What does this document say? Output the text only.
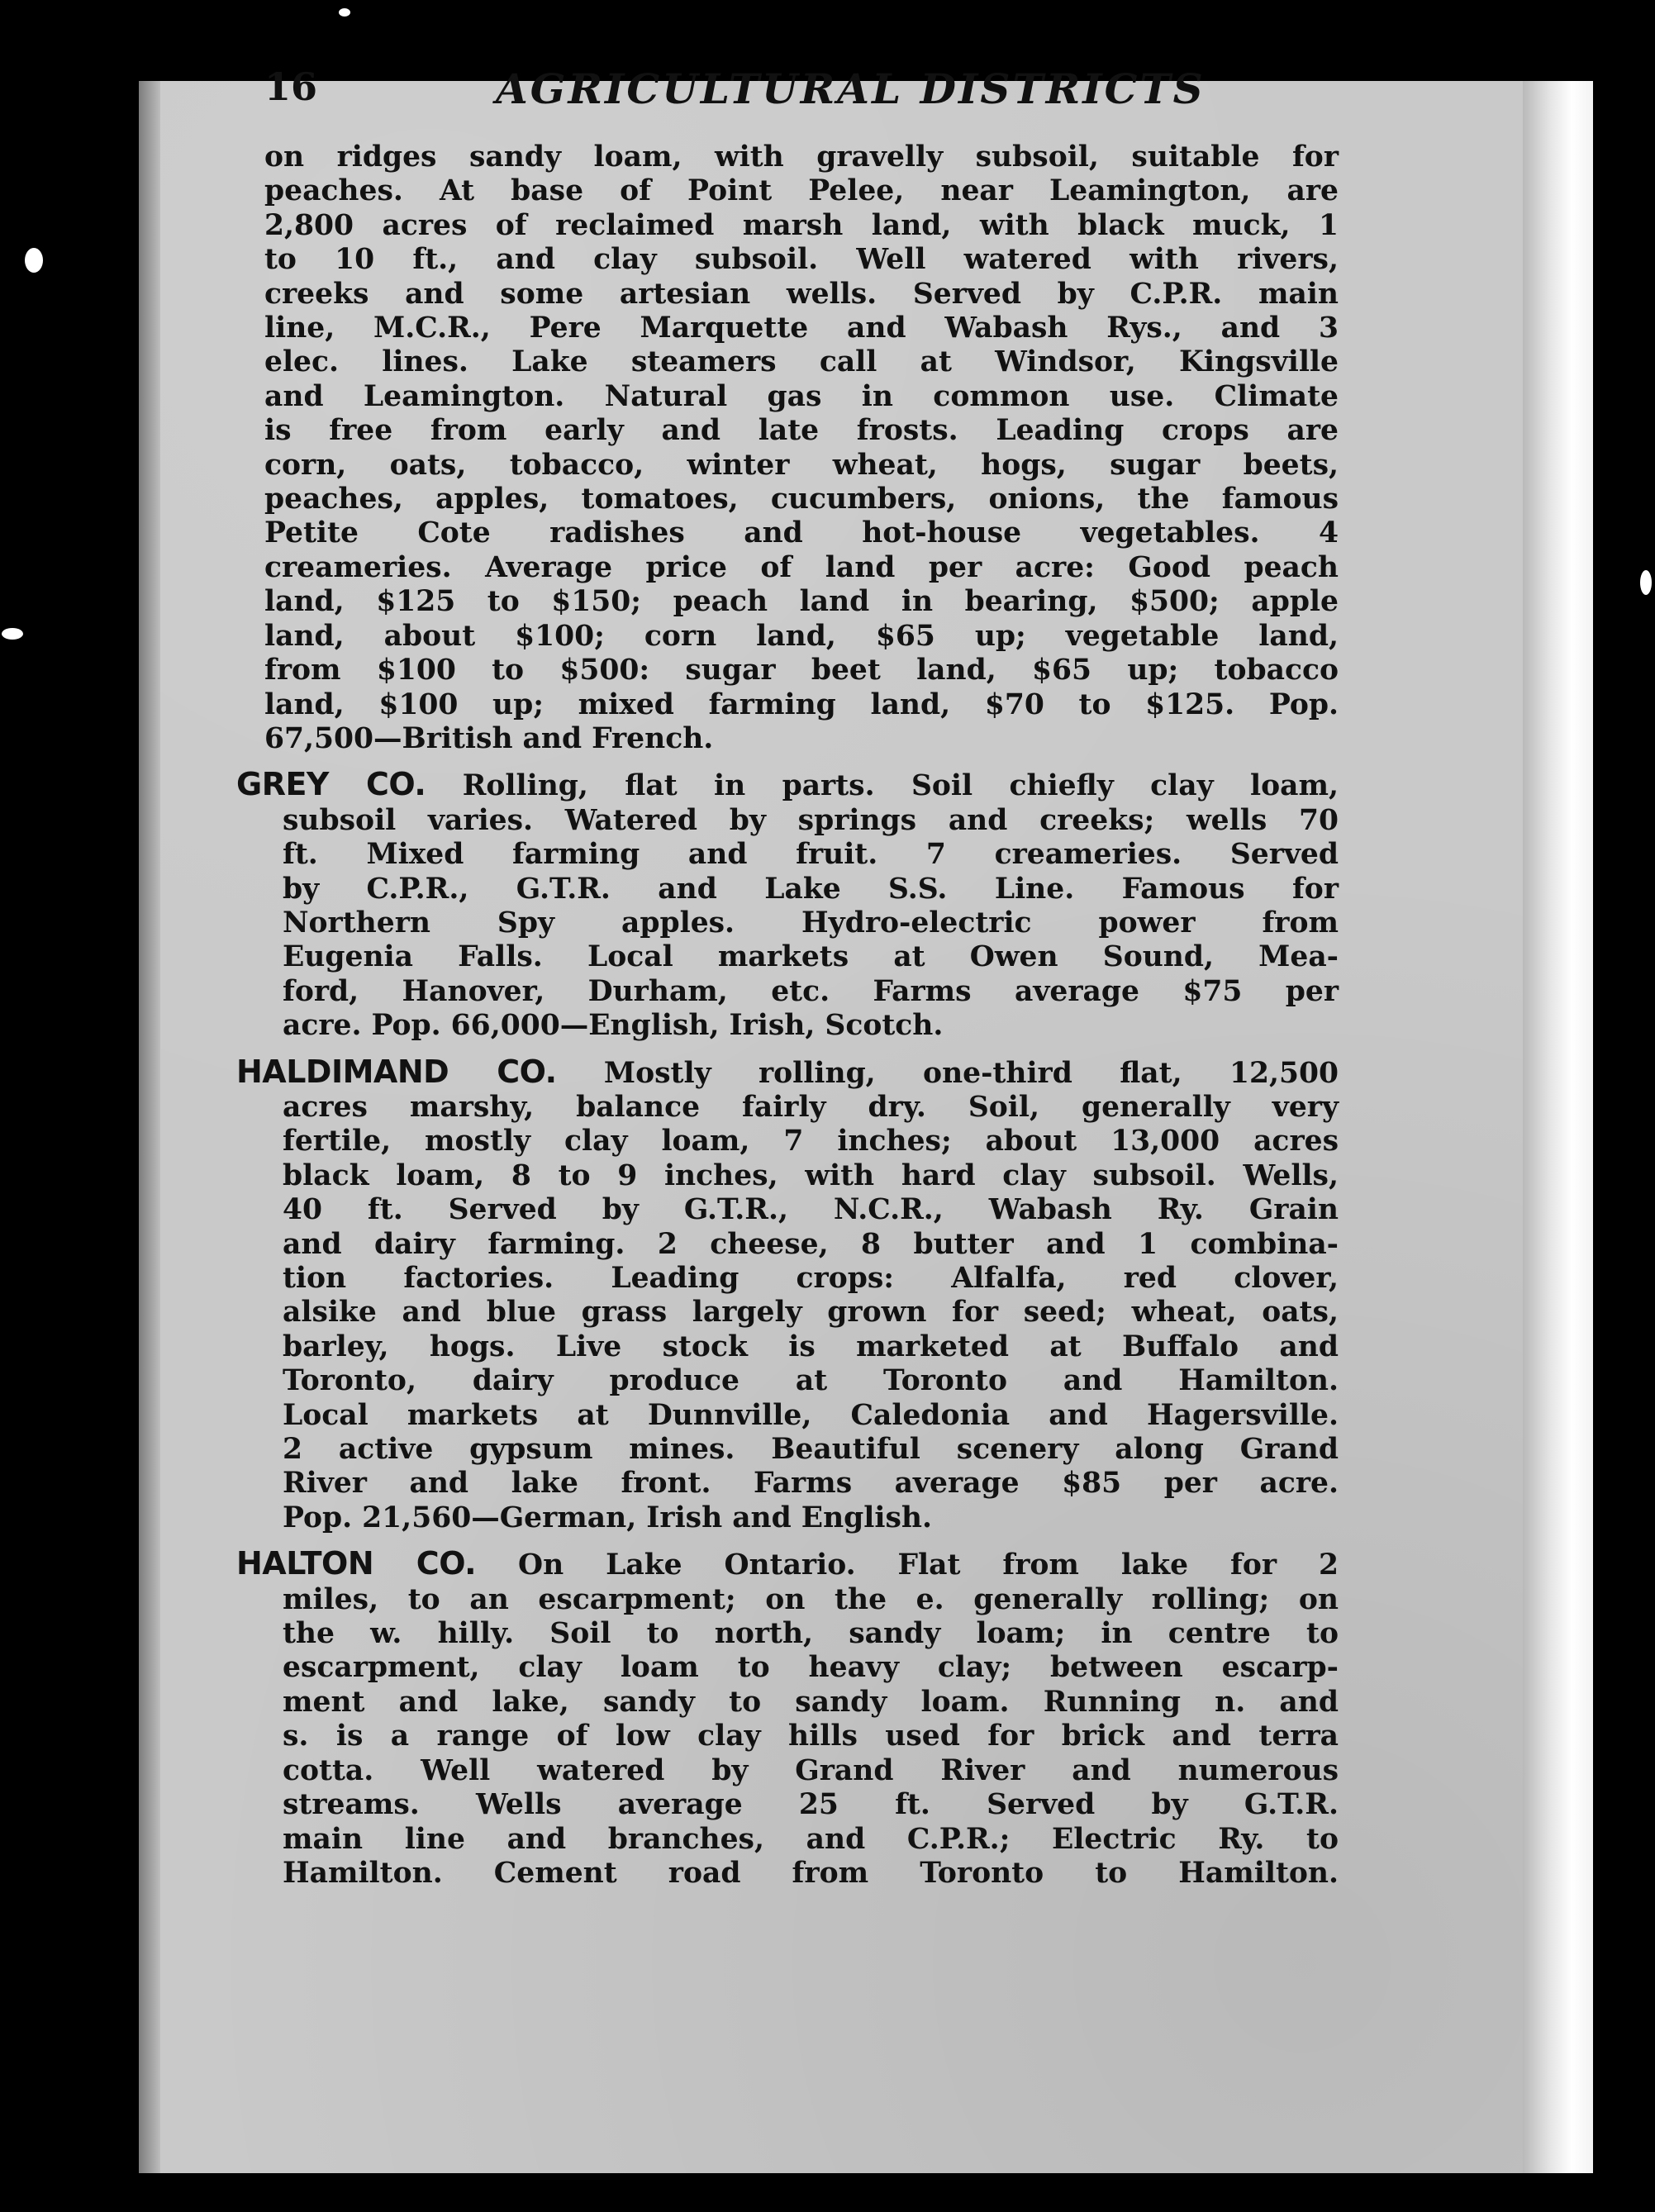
16	AGRICULTURAL DISTRICTS
on ridges sandy loam, with gravelly subsoil, suitable for
peaches. At base of Point Pelee, near Leamington, are
2,800 acres of reclaimed marsh land, with black muck, 1
to 10 ft., and clay subsoil. Well watered with rivers,
creeks and some artesian wells. Served by C.P.R. main
line, M.C.R., Pere Marquette and Wabash Rys., and 3
elec. lines. Lake steamers call at Windsor, Kingsville
and Leamington. Natural gas in common use. Climate
is free from early and late frosts. Leading crops are
corn, oats, tobacco, winter wheat, hogs, sugar beets,
peaches, apples, tomatoes, cucumbers, onions, the famous
Petite Cote radishes and hot-house vegetables. 4
creameries. Average price of land per acre: Good peach
land, $125 to $150; peach land in bearing, $500; apple
land, about $100; corn land, $65 up; vegetable land,
from $100 to $500: sugar beet land, $65 up; tobacco
land, $100 up; mixed farming land, $70 to $125. Pop.
67,500—British and French.
GREY CO. Rolling, flat in parts. Soil chiefly clay loam,
subsoil varies. Watered by springs and creeks; wells 70
ft. Mixed farming and fruit. 7 creameries. Served
by C.P.R., G.T.R. and Lake S.S. Line. Famous for
Northern Spy apples. Hydro-electric power from
Eugenia Falls. Local markets at Owen Sound, Mea-
ford, Hanover, Durham, etc. Farms average $75 per
acre. Pop. 66,000—English, Irish, Scotch.
HALDIMAND CO. Mostly rolling, one-third flat, 12,500
acres marshy, balance fairly dry. Soil, generally very
fertile, mostly clay loam, 7 inches; about 13,000 acres
black loam, 8 to 9 inches, with hard clay subsoil. Wells,
40 ft. Served by G.T.R., N.C.R., Wabash Ry. Grain
and dairy farming. 2 cheese, 8 butter and 1 combina-
tion factories. Leading crops: Alfalfa, red clover,
alsike and blue grass largely grown for seed; wheat, oats,
barley, hogs. Live stock is marketed at Buffalo and
Toronto, dairy produce at Toronto and Hamilton.
Local markets at Dunnville, Caledonia and Hagersville.
2 active gypsum mines. Beautiful scenery along Grand
River and lake front. Farms average $85 per acre.
Pop. 21,560—German, Irish and English.
HALTON CO. On Lake Ontario. Flat from lake for 2
miles, to an escarpment; on the e. generally rolling; on
the w. hilly. Soil to north, sandy loam; in centre to
escarpment, clay loam to heavy clay; between escarp-
ment and lake, sandy to sandy loam. Running n. and
s. is a range of low clay hills used for brick and terra
cotta. Well watered by Grand River and numerous
streams. Wells average 25 ft. Served by G.T.R.
main line and branches, and C.P.R.; Electric Ry. to
Hamilton. Cement road from Toronto to Hamilton.
